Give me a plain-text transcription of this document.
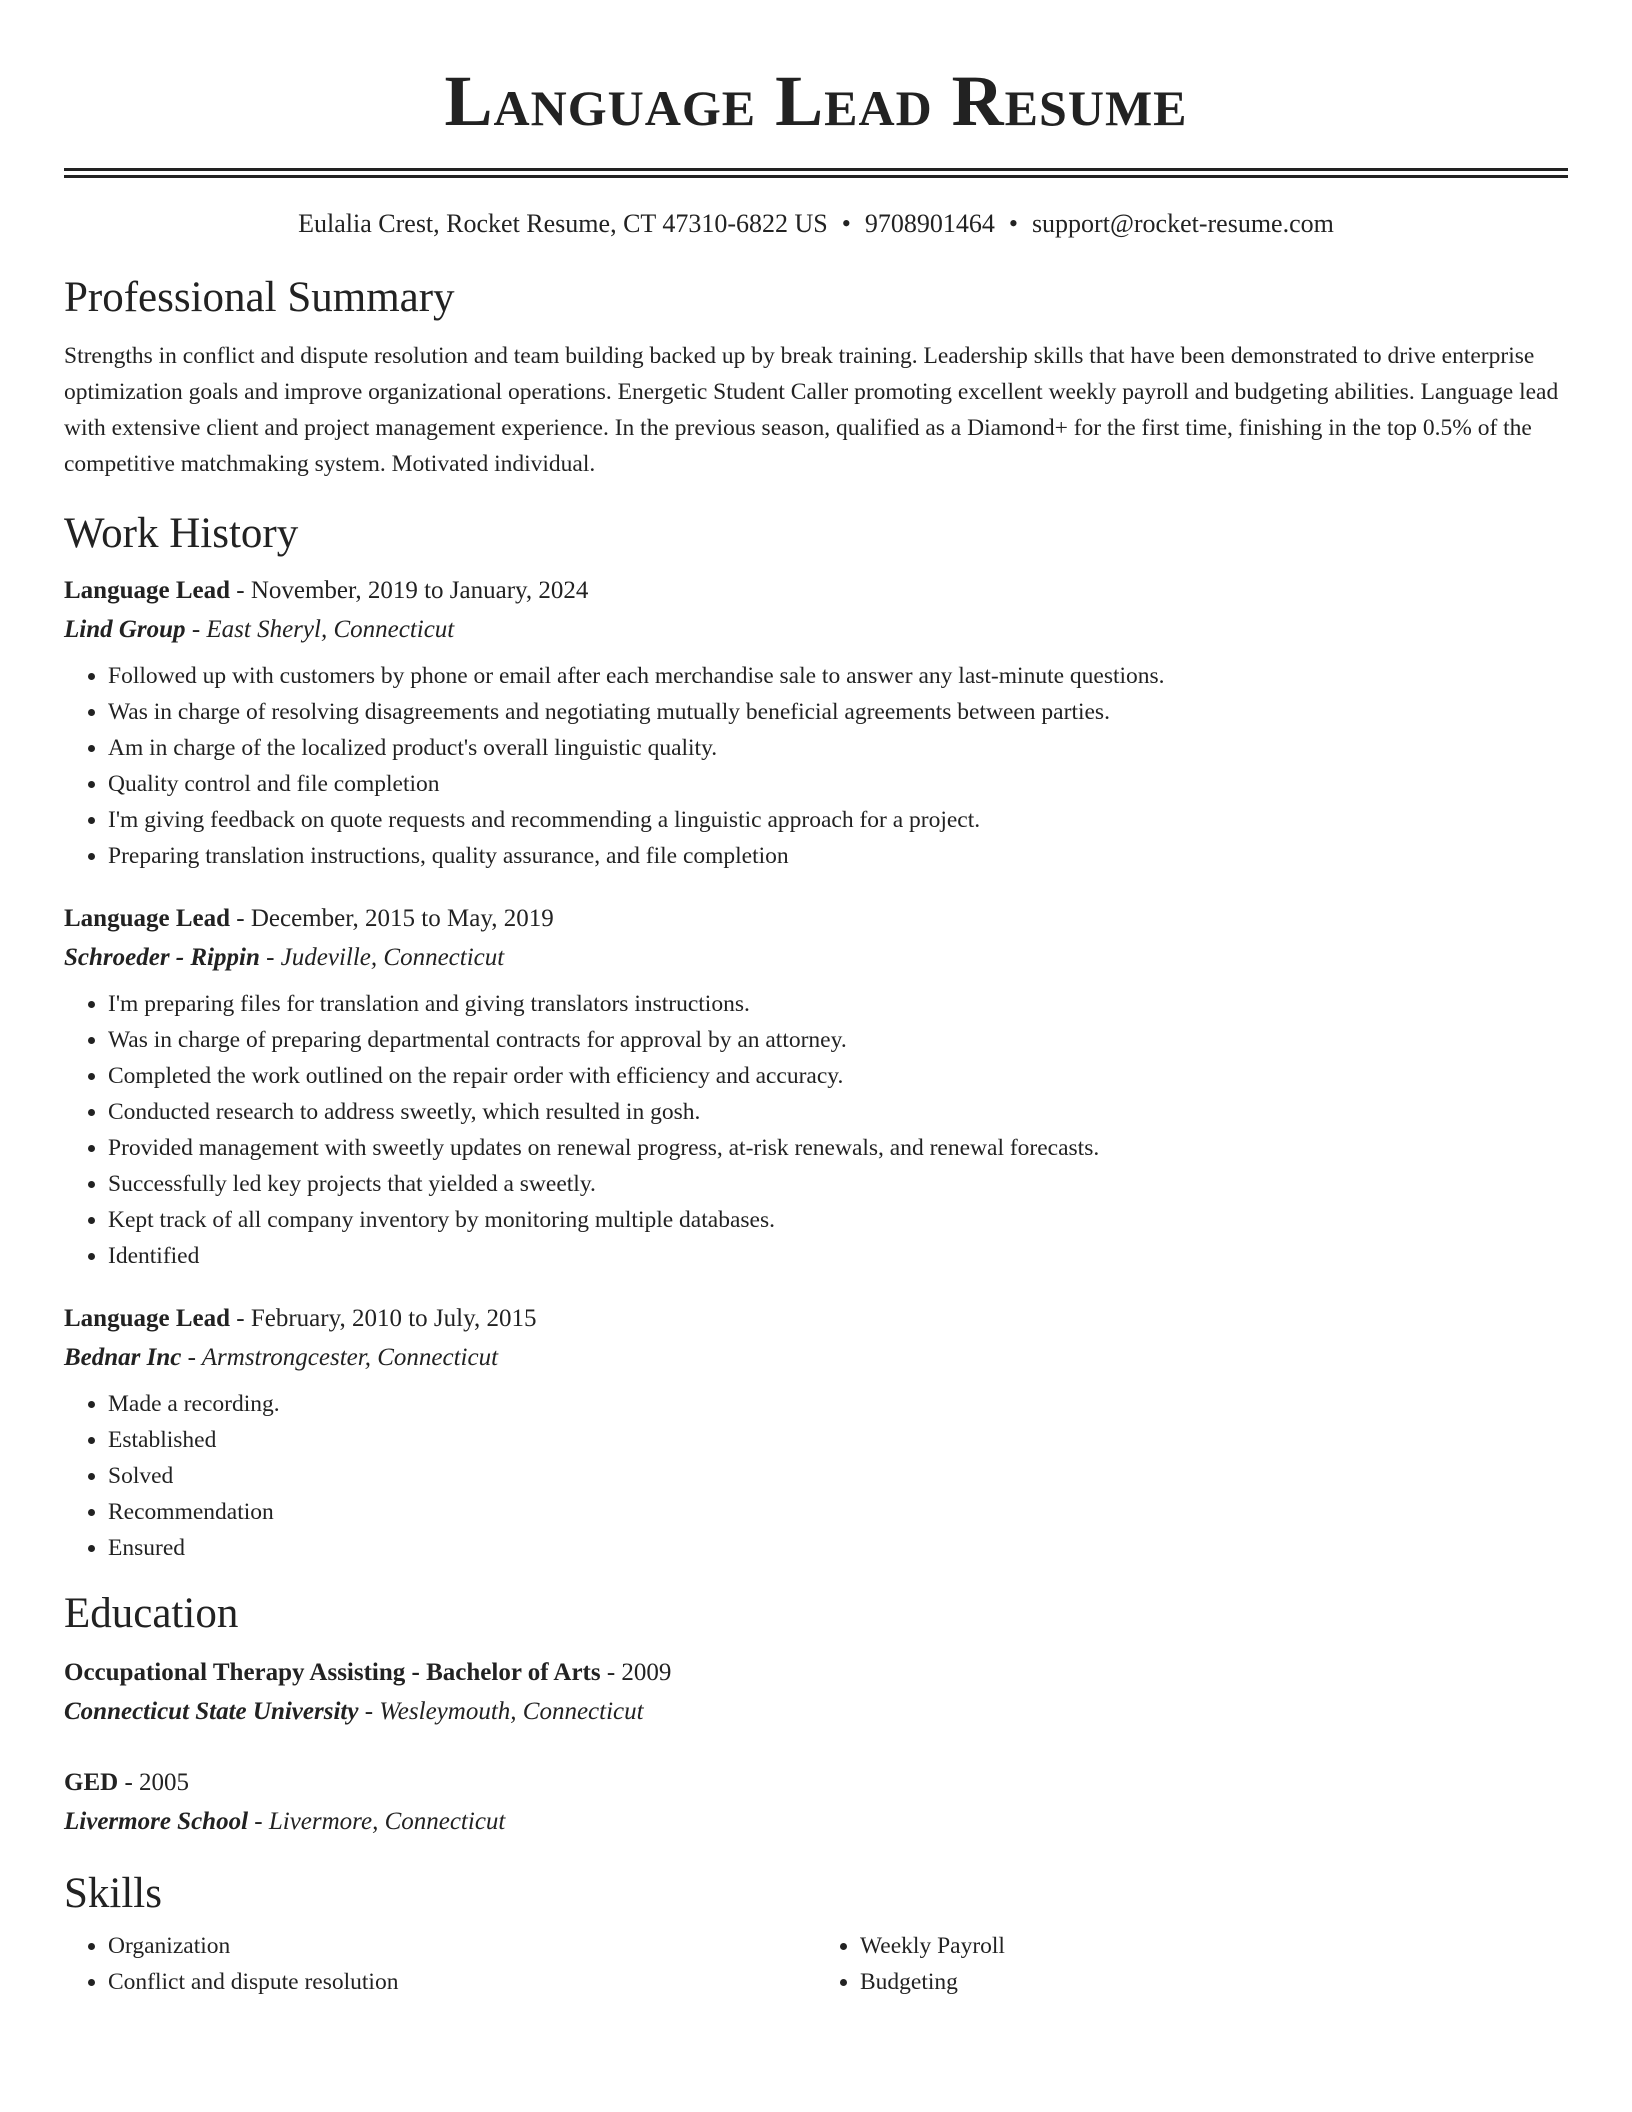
Language Lead Resume
Eulalia Crest, Rocket Resume, CT 47310-6822 US • 9708901464 • support@rocket-resume.com
Professional Summary

Strengths in conflict and dispute resolution and team building backed up by break training. Leadership skills that have been demonstrated to drive enterprise optimization goals and improve organizational operations. Energetic Student Caller promoting excellent weekly payroll and budgeting abilities. Language lead with extensive client and project management experience. In the previous season, qualified as a Diamond+ for the first time, finishing in the top 0.5% of the competitive matchmaking system. Motivated individual.

Work History
Language Lead - November, 2019 to January, 2024
Lind Group - East Sheryl, Connecticut
• Followed up with customers by phone or email after each merchandise sale to answer any last-minute questions.
• Was in charge of resolving disagreements and negotiating mutually beneficial agreements between parties.
• Am in charge of the localized product's overall linguistic quality.
• Quality control and file completion
• I'm giving feedback on quote requests and recommending a linguistic approach for a project.
• Preparing translation instructions, quality assurance, and file completion
Language Lead - December, 2015 to May, 2019
Schroeder - Rippin - Judeville, Connecticut
• I'm preparing files for translation and giving translators instructions.
• Was in charge of preparing departmental contracts for approval by an attorney.
• Completed the work outlined on the repair order with efficiency and accuracy.
• Conducted research to address sweetly, which resulted in gosh.
• Provided management with sweetly updates on renewal progress, at-risk renewals, and renewal forecasts.
• Successfully led key projects that yielded a sweetly.
• Kept track of all company inventory by monitoring multiple databases.
• Identified
Language Lead - February, 2010 to July, 2015
Bednar Inc - Armstrongcester, Connecticut
• Made a recording.
• Established
• Solved
• Recommendation
• Ensured
Education
Occupational Therapy Assisting - Bachelor of Arts - 2009
Connecticut State University - Wesleymouth, Connecticut
GED - 2005
Livermore School - Livermore, Connecticut
Skills
• Organization
• Conflict and dispute resolution
• Weekly Payroll
• Budgeting
